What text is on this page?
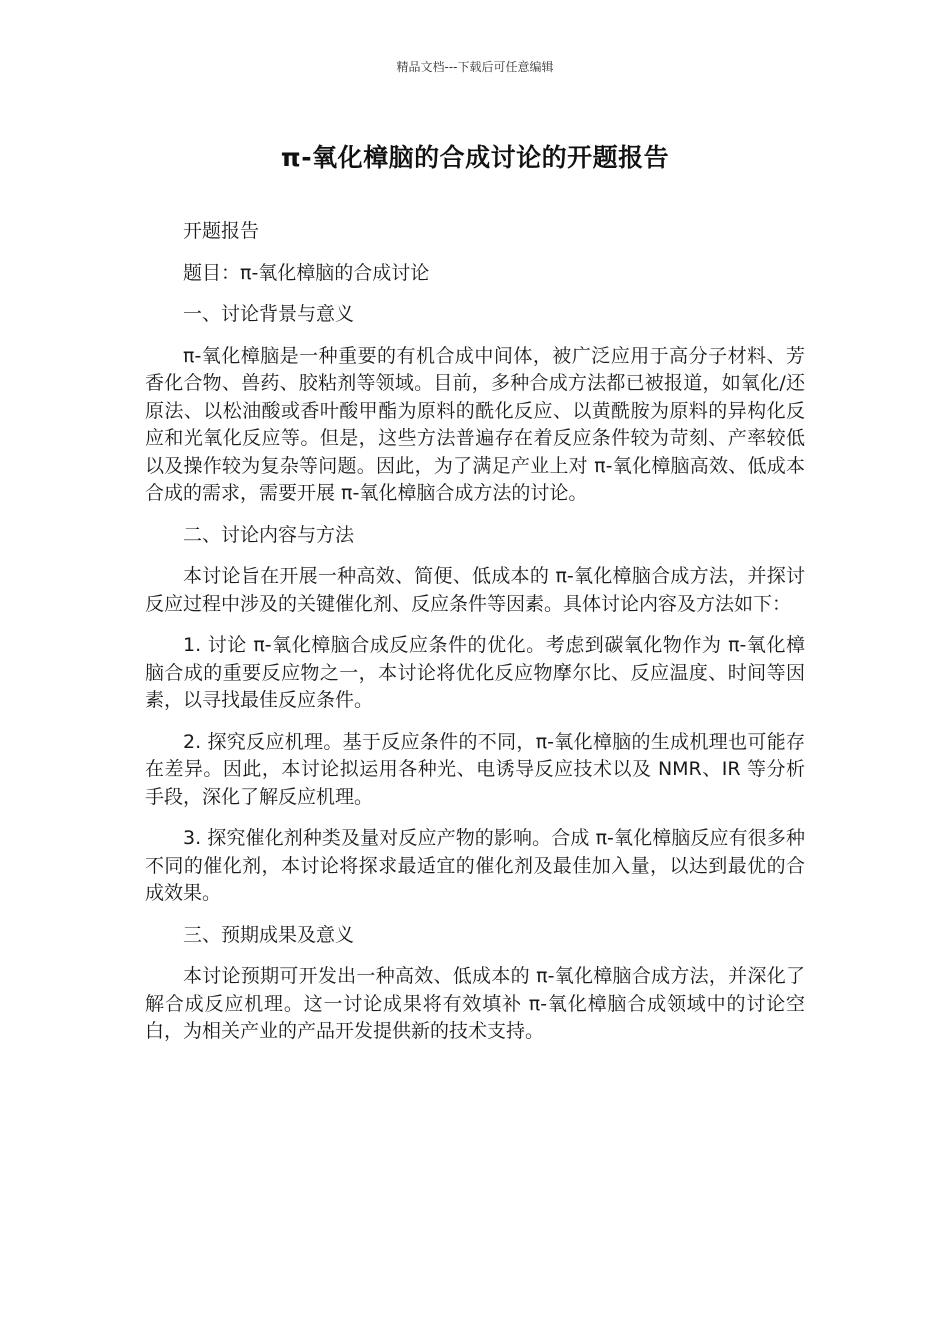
精品文档---下载后可任意编辑
π-氧化樟脑的合成讨论的开题报告

开题报告

题目：π-氧化樟脑的合成讨论

一、讨论背景与意义

π-氧化樟脑是一种重要的有机合成中间体，被广泛应用于高分子材料、芳香化合物、兽药、胶粘剂等领域。目前，多种合成方法都已被报道，如氧化/还原法、以松油酸或香叶酸甲酯为原料的酰化反应、以黄酰胺为原料的异构化反应和光氧化反应等。但是，这些方法普遍存在着反应条件较为苛刻、产率较低以及操作较为复杂等问题。因此，为了满足产业上对 π-氧化樟脑高效、低成本合成的需求，需要开展 π-氧化樟脑合成方法的讨论。

二、讨论内容与方法

本讨论旨在开展一种高效、简便、低成本的 π-氧化樟脑合成方法，并探讨反应过程中涉及的关键催化剂、反应条件等因素。具体讨论内容及方法如下：

1. 讨论 π-氧化樟脑合成反应条件的优化。考虑到碳氧化物作为 π-氧化樟脑合成的重要反应物之一，本讨论将优化反应物摩尔比、反应温度、时间等因素，以寻找最佳反应条件。

2. 探究反应机理。基于反应条件的不同，π-氧化樟脑的生成机理也可能存在差异。因此，本讨论拟运用各种光、电诱导反应技术以及 NMR、IR 等分析手段，深化了解反应机理。

3. 探究催化剂种类及量对反应产物的影响。合成 π-氧化樟脑反应有很多种不同的催化剂，本讨论将探求最适宜的催化剂及最佳加入量，以达到最优的合成效果。

三、预期成果及意义

本讨论预期可开发出一种高效、低成本的 π-氧化樟脑合成方法，并深化了解合成反应机理。这一讨论成果将有效填补 π-氧化樟脑合成领域中的讨论空白，为相关产业的产品开发提供新的技术支持。
